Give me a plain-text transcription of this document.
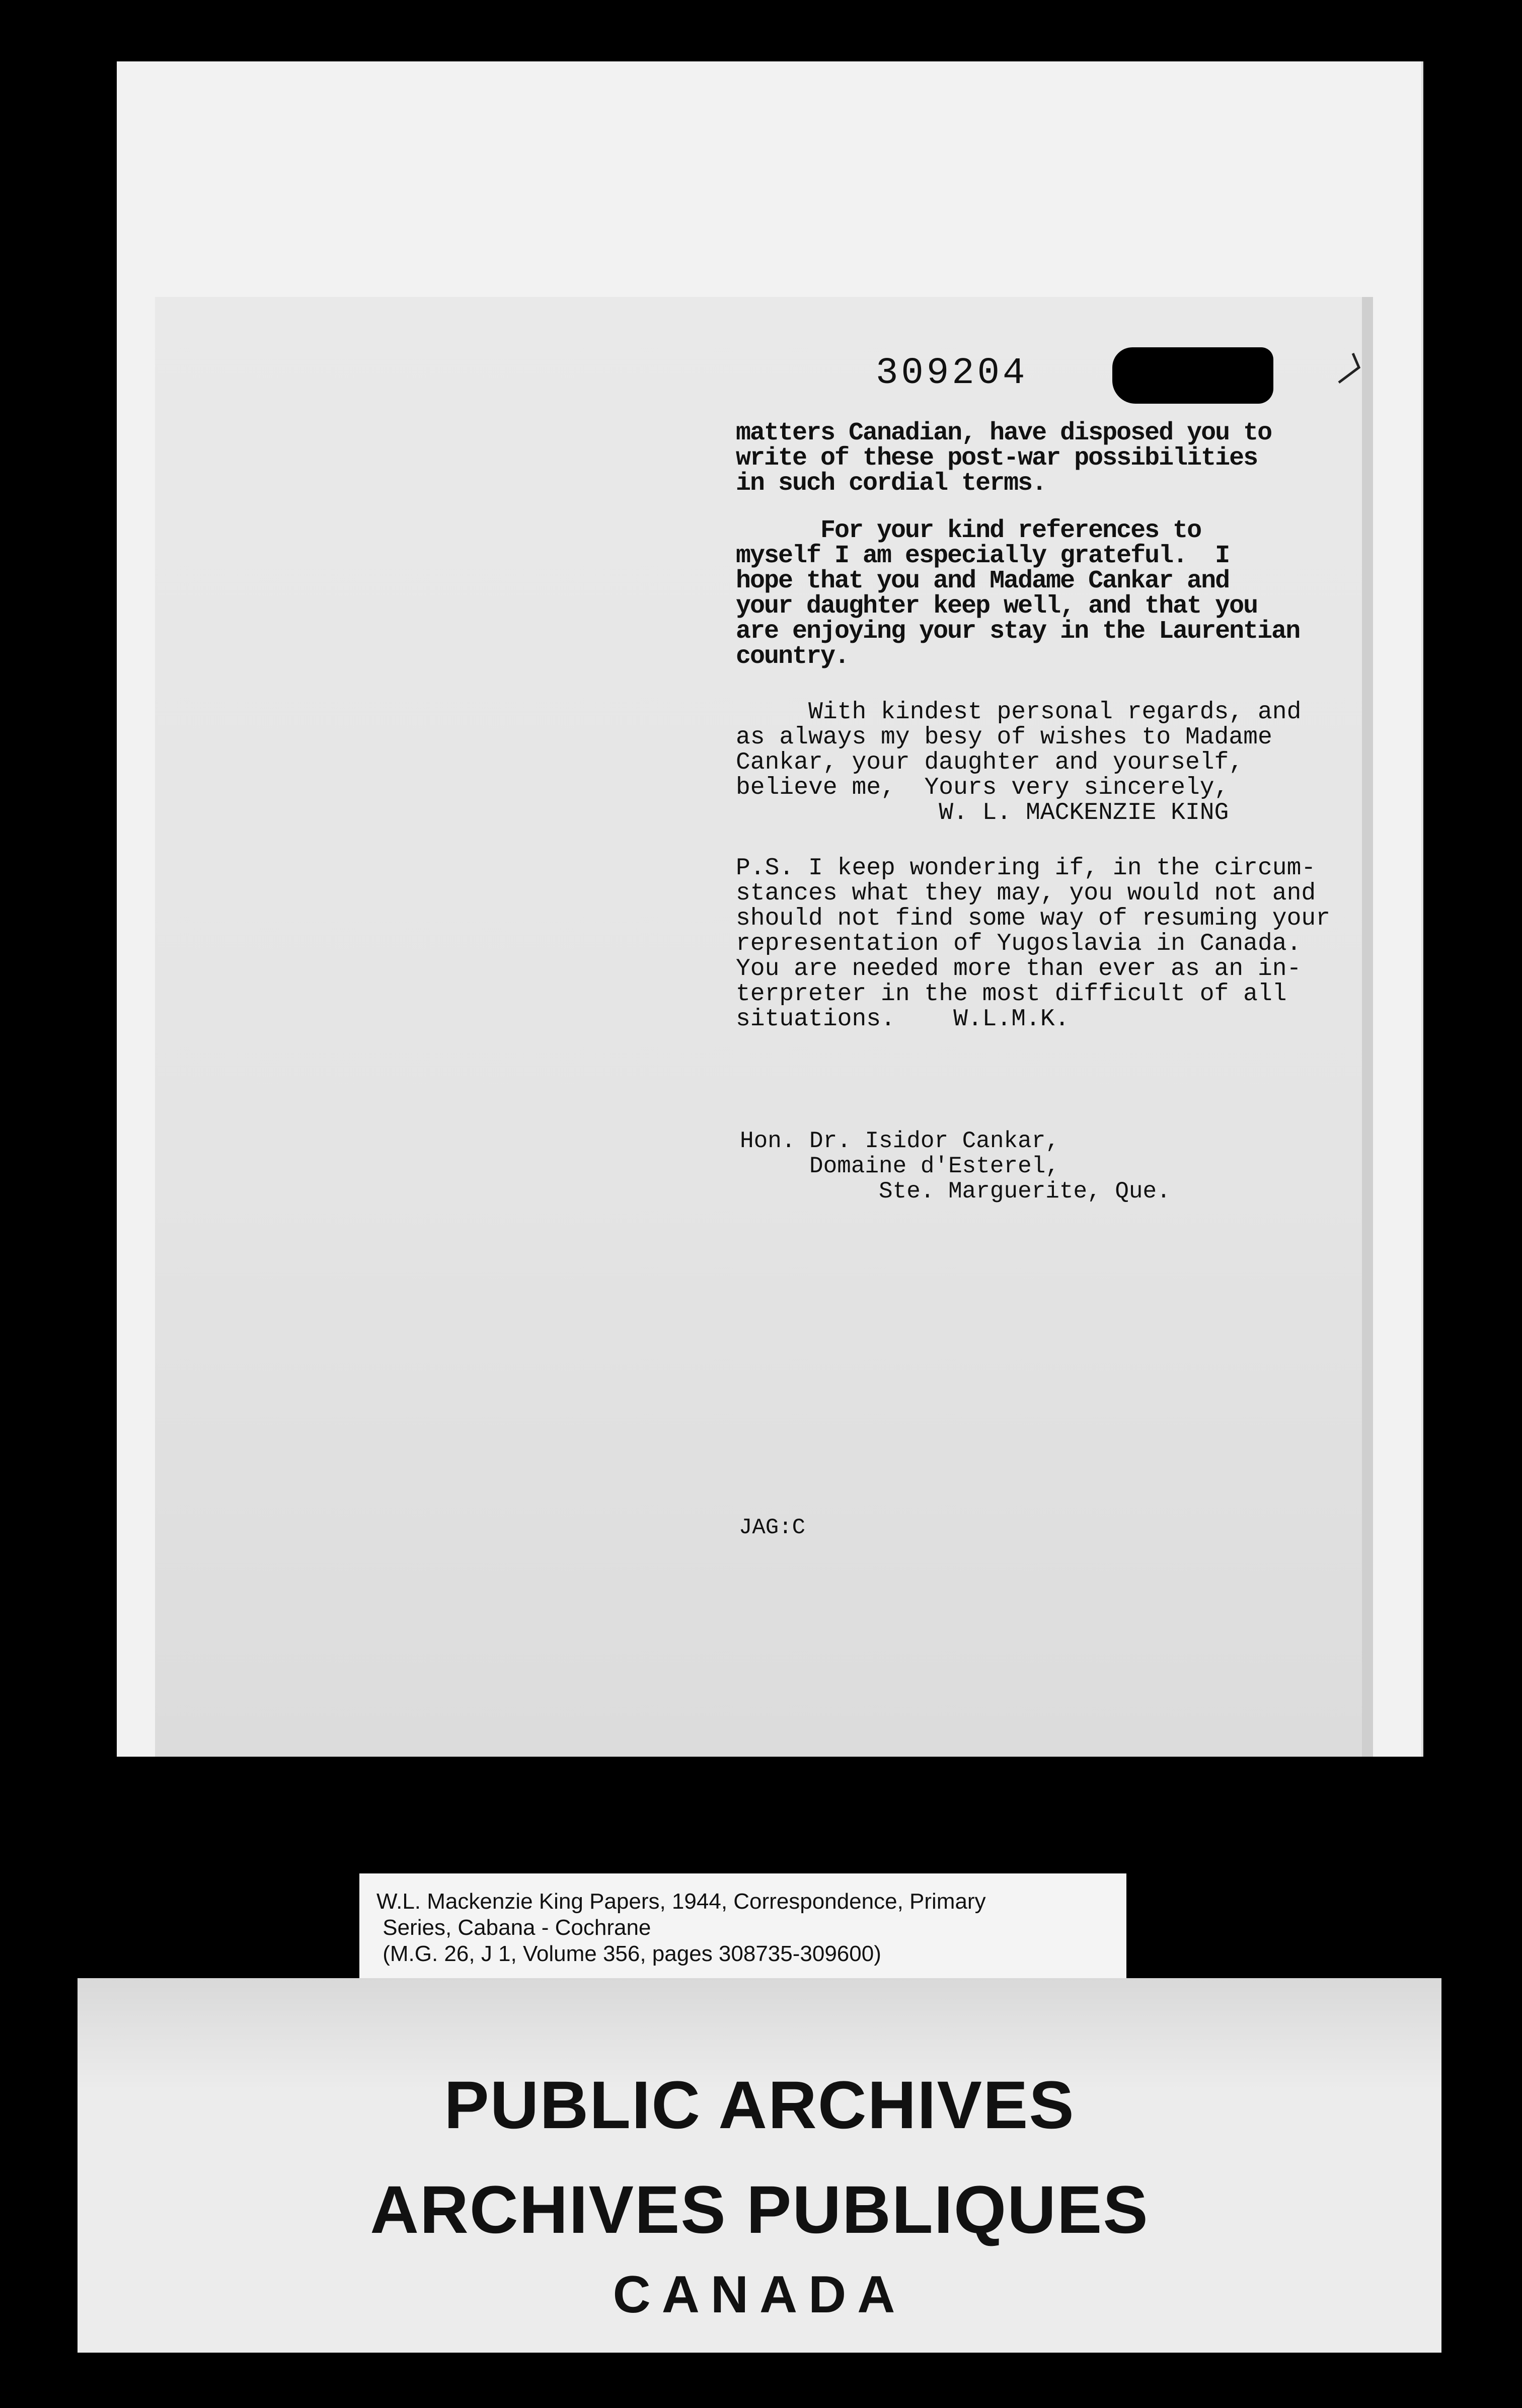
309204

matters Canadian, have disposed you to
write of these post-war possibilities
in such cordial terms.

For your kind references to
myself I am especially grateful.  I
hope that you and Madame Cankar and
your daughter keep well, and that you
are enjoying your stay in the Laurentian
country.

With kindest personal regards, and
as always my besy of wishes to Madame
Cankar, your daughter and yourself,
believe me,  Yours very sincerely,
W. L. MACKENZIE KING

P.S. I keep wondering if, in the circum-
stances what they may, you would not and
should not find some way of resuming your
representation of Yugoslavia in Canada.
You are needed more than ever as an in-
terpreter in the most difficult of all
situations.    W.L.M.K.

Hon. Dr. Isidor Cankar,
Domaine d'Esterel,
Ste. Marguerite, Que.

JAG:C

W.L. Mackenzie King Papers, 1944, Correspondence, Primary
Series, Cabana - Cochrane
(M.G. 26, J 1, Volume 356, pages 308735-309600)

PUBLIC ARCHIVES
ARCHIVES PUBLIQUES
CANADA
